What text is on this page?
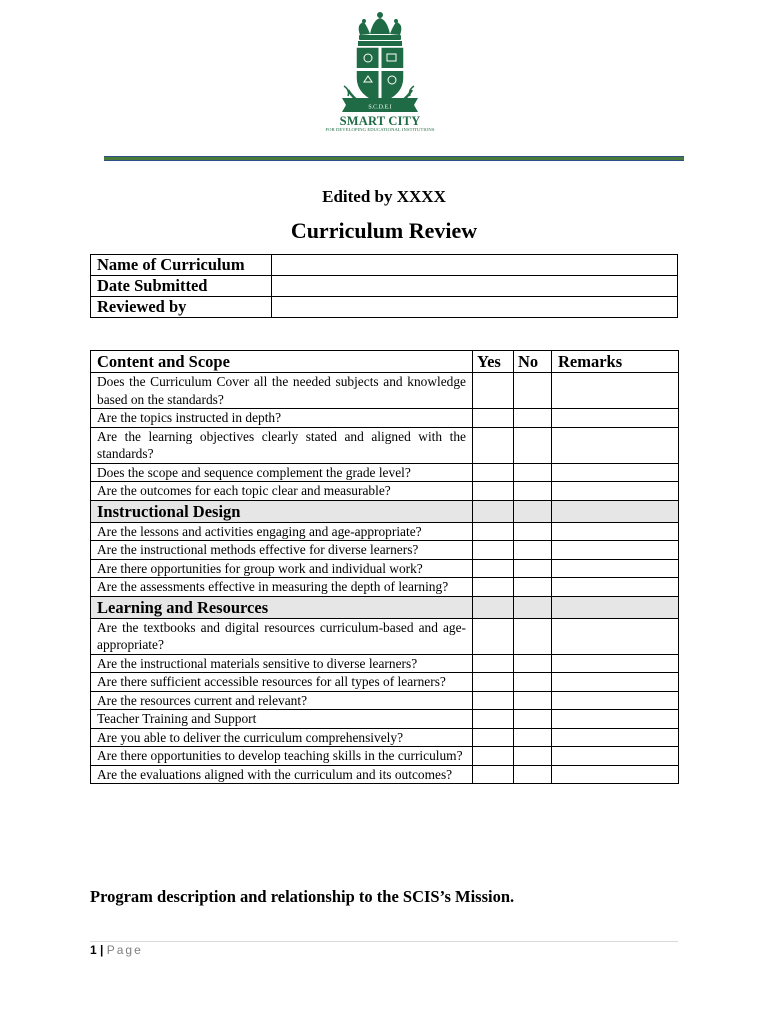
S.C.D.E.I
SMART CITY
FOR DEVELOPING EDUCATIONAL INSTITUTIONS
Edited by XXXX
Curriculum Review
Name of Curriculum	
Date Submitted	
Reviewed by	
Content and Scope	Yes	No	Remarks
Does the Curriculum Cover all the needed subjects and knowledge based on the standards?			
Are the topics instructed in depth?			
Are the learning objectives clearly stated and aligned with the standards?			
Does the scope and sequence complement the grade level?			
Are the outcomes for each topic clear and measurable?			
Instructional Design			
Are the lessons and activities engaging and age-appropriate?			
Are the instructional methods effective for diverse learners?			
Are there opportunities for group work and individual work?			
Are the assessments effective in measuring the depth of learning?			
Learning and Resources			
Are the textbooks and digital resources curriculum-based and age-appropriate?			
Are the instructional materials sensitive to diverse learners?			
Are there sufficient accessible resources for all types of learners?			
Are the resources current and relevant?			
Teacher Training and Support			
Are you able to deliver the curriculum comprehensively?			
Are there opportunities to develop teaching skills in the curriculum?			
Are the evaluations aligned with the curriculum and its outcomes?			
Program description and relationship to the SCIS’s Mission.
1 | Page
